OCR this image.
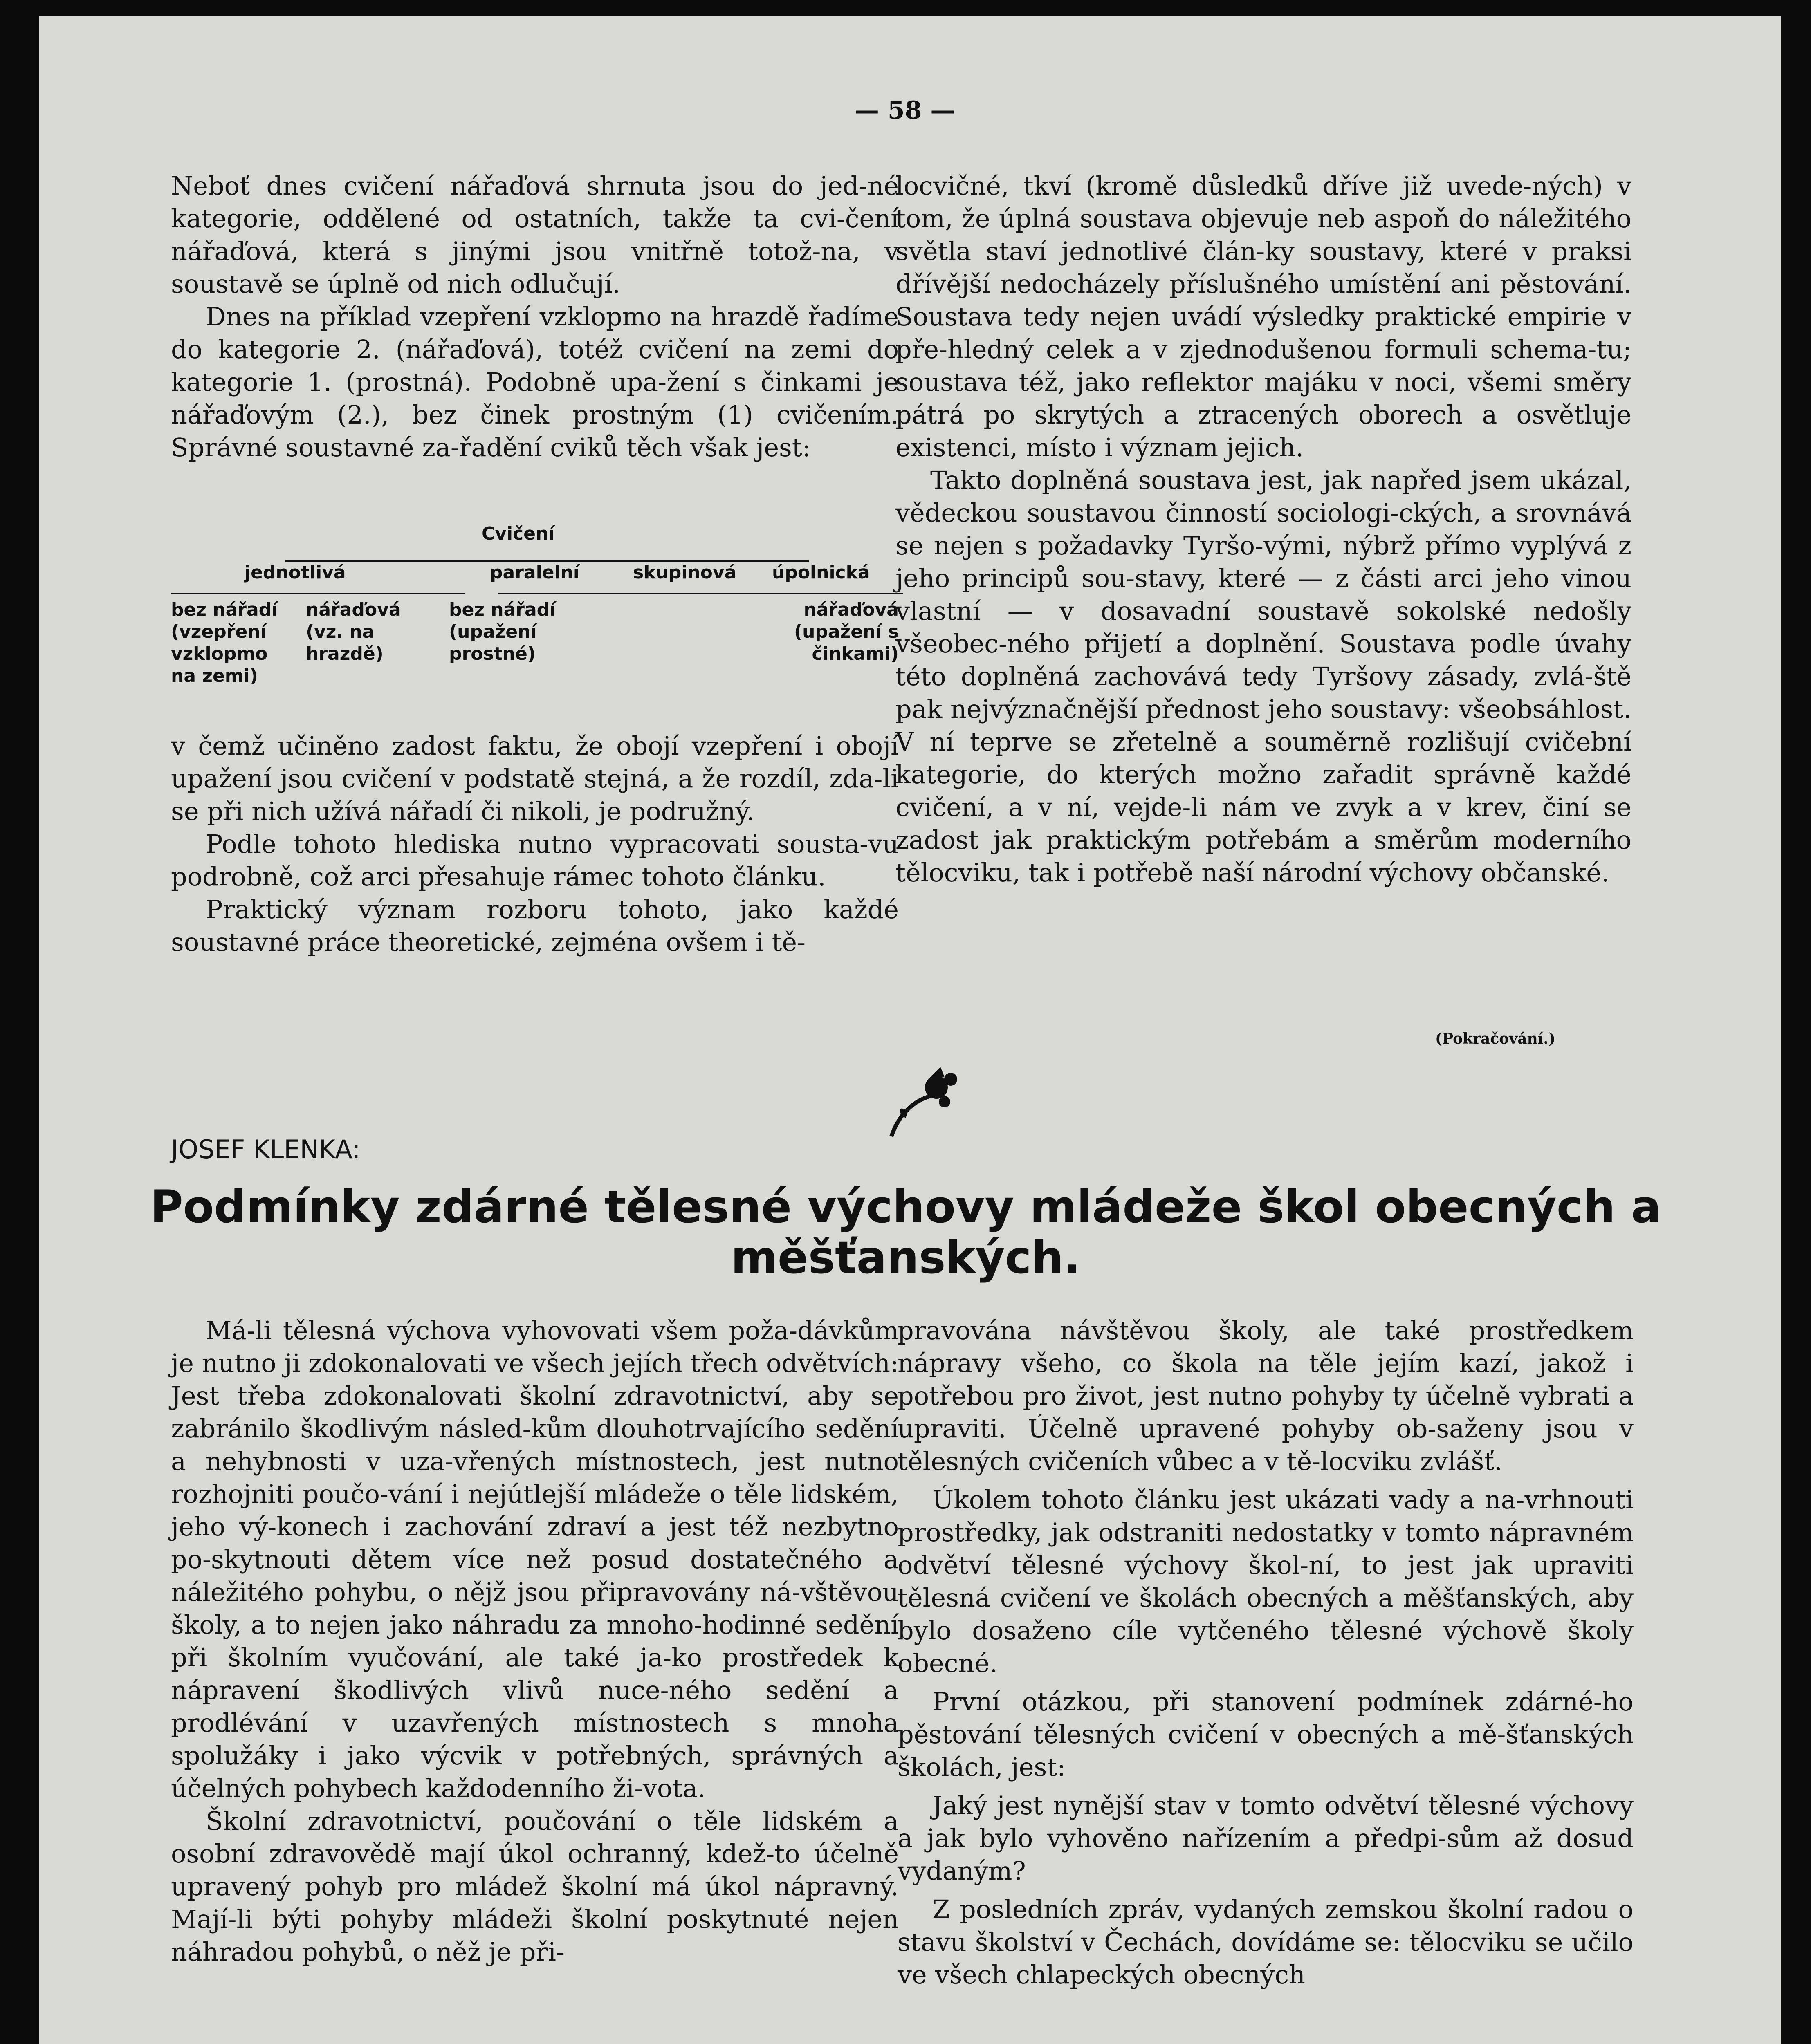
— 58 —

Neboť dnes cvičení nářaďová shrnuta jsou do jed-né kategorie, oddělené od ostatních, takže ta cvi-čení nářaďová, která s jinými jsou vnitřně totož-na, v soustavě se úplně od nich odlučují.

Dnes na příklad vzepření vzklopmo na hrazdě řadíme do kategorie 2. (nářaďová), totéž cvičení na zemi do kategorie 1. (prostná). Podobně upa-žení s činkami je nářaďovým (2.), bez činek prostným (1) cvičením. Správné soustavné za-řadění cviků těch však jest:

Cvičení
jednotlivá	paralelní	skupinová úpolnická
bez nářadí (vzepření vzklopmo na zemi)
nářaďová (vz. na hrazdě)
bez nářadí (upažení prostné)
nářaďová (upažení s činkami)

v čemž učiněno zadost faktu, že obojí vzepření i obojí upažení jsou cvičení v podstatě stejná, a že rozdíl, zda-li se při nich užívá nářadí či nikoli, je podružný.

Podle tohoto hlediska nutno vypracovati sousta-vu podrobně, což arci přesahuje rámec tohoto článku.

Praktický význam rozboru tohoto, jako každé soustavné práce theoretické, zejména ovšem i tě-

locvičné, tkví (kromě důsledků dříve již uvede-ných) v tom, že úplná soustava objevuje neb aspoň do náležitého světla staví jednotlivé člán-ky soustavy, které v praksi dřívější nedocházely příslušného umístění ani pěstování. Soustava tedy nejen uvádí výsledky praktické empirie v pře-hledný celek a v zjednodušenou formuli schema-tu; soustava též, jako reflektor majáku v noci, všemi směry pátrá po skrytých a ztracených oborech a osvětluje existenci, místo i význam jejich.

Takto doplněná soustava jest, jak napřed jsem ukázal, vědeckou soustavou činností sociologi-ckých, a srovnává se nejen s požadavky Tyršo-vými, nýbrž přímo vyplývá z jeho principů sou-stavy, které — z části arci jeho vinou vlastní — v dosavadní soustavě sokolské nedošly všeobec-ného přijetí a doplnění. Soustava podle úvahy této doplněná zachovává tedy Tyršovy zásady, zvlá-ště pak nejvýznačnější přednost jeho soustavy: všeobsáhlost. V ní teprve se zřetelně a souměrně rozlišují cvičební kategorie, do kterých možno zařadit správně každé cvičení, a v ní, vejde-li nám ve zvyk a v krev, činí se zadost jak praktickým potřebám a směrům moderního tělocviku, tak i potřebě naší národní výchovy občanské.

(Pokračování.)
JOSEF KLENKA:
Podmínky zdárné tělesné výchovy mládeže škol obecných a měšťanských.

Má-li tělesná výchova vyhovovati všem poža-dávkům je nutno ji zdokonalovati ve všech jejích třech odvětvích: Jest třeba zdokonalovati školní zdravotnictví, aby se zabránilo škodlivým násled-kům dlouhotrvajícího sedění a nehybnosti v uza-vřených místnostech, jest nutno rozhojniti poučo-vání i nejútlejší mládeže o těle lidském, jeho vý-konech i zachování zdraví a jest též nezbytno po-skytnouti dětem více než posud dostatečného a náležitého pohybu, o nějž jsou připravovány ná-vštěvou školy, a to nejen jako náhradu za mnoho-hodinné sedění při školním vyučování, ale také ja-ko prostředek k nápravení škodlivých vlivů nuce-ného sedění a prodlévání v uzavřených místnostech s mnoha spolužáky i jako výcvik v potřebných, správných a účelných pohybech každodenního ži-vota.

Školní zdravotnictví, poučování o těle lidském a osobní zdravovědě mají úkol ochranný, kdež-to účelně upravený pohyb pro mládež školní má úkol nápravný. Mají-li býti pohyby mládeži školní poskytnuté nejen náhradou pohybů, o něž je při-

pravována návštěvou školy, ale také prostředkem nápravy všeho, co škola na těle jejím kazí, jakož i potřebou pro život, jest nutno pohyby ty účelně vybrati a upraviti. Účelně upravené pohyby ob-saženy jsou v tělesných cvičeních vůbec a v tě-locviku zvlášť.

Úkolem tohoto článku jest ukázati vady a na-vrhnouti prostředky, jak odstraniti nedostatky v tomto nápravném odvětví tělesné výchovy škol-ní, to jest jak upraviti tělesná cvičení ve školách obecných a měšťanských, aby bylo dosaženo cíle vytčeného tělesné výchově školy obecné.

První otázkou, při stanovení podmínek zdárné-ho pěstování tělesných cvičení v obecných a mě-šťanských školách, jest:

Jaký jest nynější stav v tomto odvětví tělesné výchovy a jak bylo vyhověno nařízením a předpi-sům až dosud vydaným?

Z posledních zpráv, vydaných zemskou školní radou o stavu školství v Čechách, dovídáme se: tělocviku se učilo ve všech chlapeckých obecných
